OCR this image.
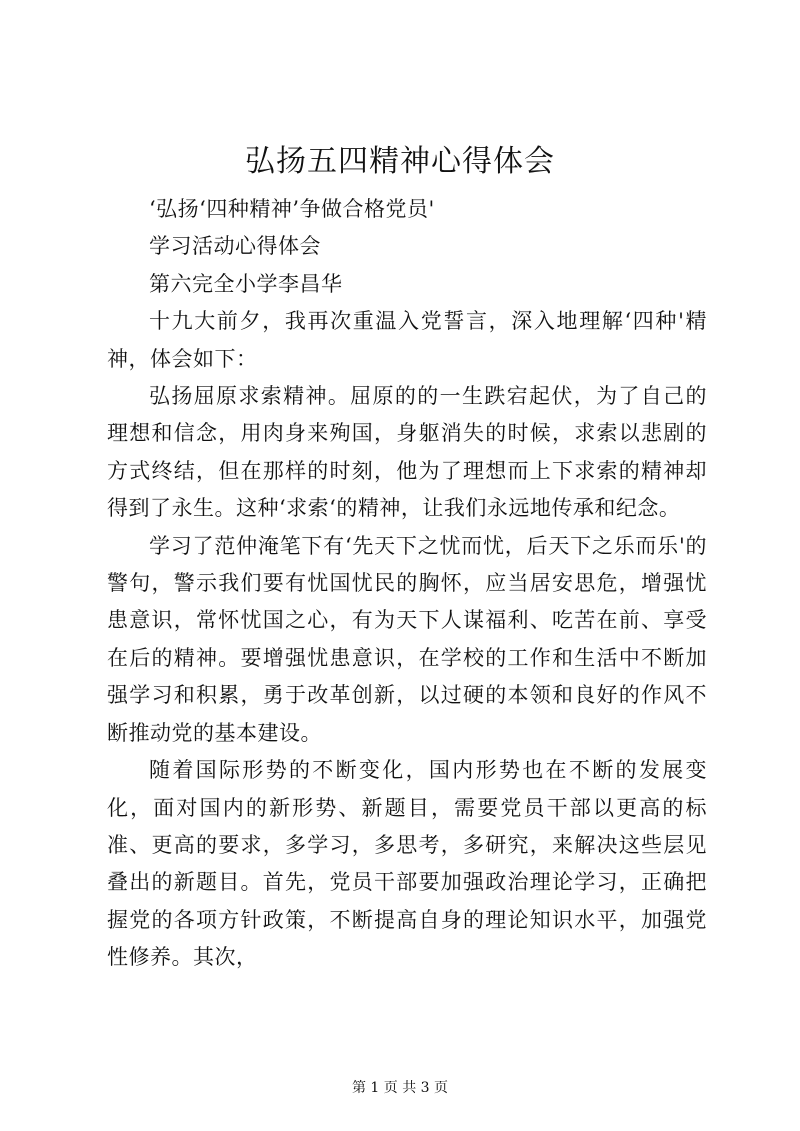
弘扬五四精神心得体会

‘弘扬‘四种精神’争做合格党员'

学习活动心得体会

第六完全小学李昌华

十九大前夕，我再次重温入党誓言，深入地理解‘四种'精神，体会如下：

弘扬屈原求索精神。屈原的的一生跌宕起伏，为了自己的理想和信念，用肉身来殉国，身躯消失的时候，求索以悲剧的方式终结，但在那样的时刻，他为了理想而上下求索的精神却得到了永生。这种‘求索‘的精神，让我们永远地传承和纪念。

学习了范仲淹笔下有‘先天下之忧而忧，后天下之乐而乐'的警句，警示我们要有忧国忧民的胸怀，应当居安思危，增强忧患意识，常怀忧国之心，有为天下人谋福利、吃苦在前、享受在后的精神。要增强忧患意识，在学校的工作和生活中不断加强学习和积累，勇于改革创新，以过硬的本领和良好的作风不断推动党的基本建设。

随着国际形势的不断变化，国内形势也在不断的发展变化，面对国内的新形势、新题目，需要党员干部以更高的标准、更高的要求，多学习，多思考，多研究，来解决这些层见叠出的新题目。首先，党员干部要加强政治理论学习，正确把握党的各项方针政策，不断提高自身的理论知识水平，加强党性修养。其次，

第 1 页 共 3 页
